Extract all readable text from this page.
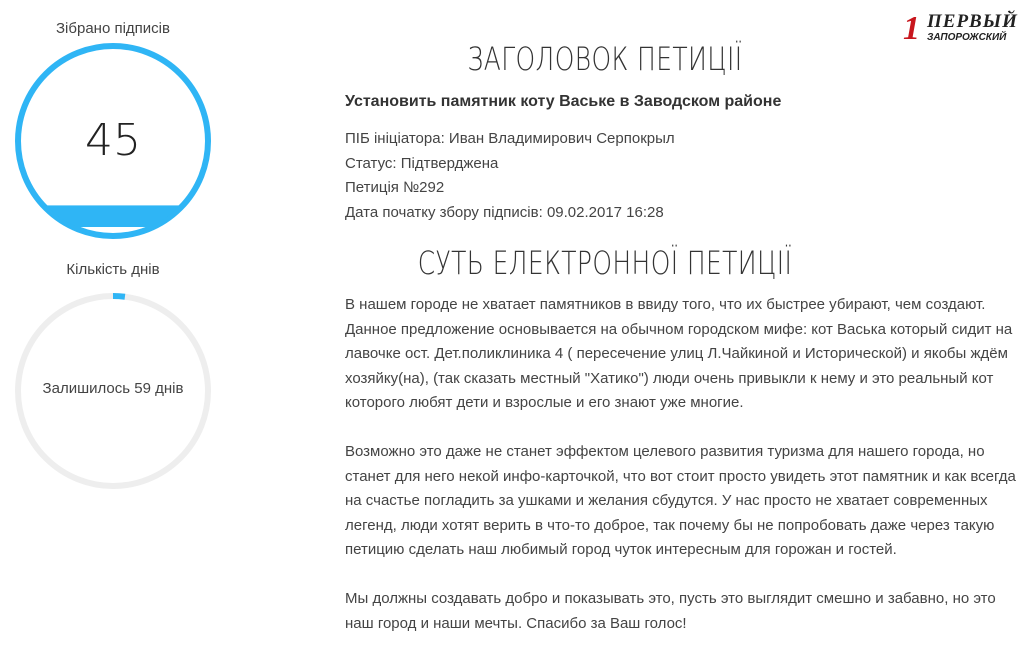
Зібрано підписів
45
Кількість днів
Залишилось 59 днів
1 ПЕРВЫЙ
ЗАПОРОЖСКИЙ
ЗАГОЛОВОК ПЕТИЦІЇ
Установить памятник коту Ваське в Заводском районе
ПІБ ініціатора: Иван Владимирович Серпокрыл
Статус: Підтверджена
Петиція №292
Дата початку збору підписів: 09.02.2017 16:28
СУТЬ ЕЛЕКТРОННОЇ ПЕТИЦІЇ

В нашем городе не хватает памятников в ввиду того, что их быстрее убирают, чем создают. Данное предложение основывается на обычном городском мифе: кот Васька который сидит на лавочке ост. Дет.поликлиника 4 ( пересечение улиц Л.Чайкиной и Исторической) и якобы ждём хозяйку(на), (так сказать местный "Хатико") люди очень привыкли к нему и это реальный кот которого любят дети и взрослые и его знают уже многие.

Возможно это даже не станет эффектом целевого развития туризма для нашего города, но станет для него некой инфо-карточкой, что вот стоит просто увидеть этот памятник и как всегда на счастье погладить за ушками и желания сбудутся. У нас просто не хватает современных легенд, люди хотят верить в что-то доброе, так почему бы не попробовать даже через такую петицию сделать наш любимый город чуток интересным для горожан и гостей.

Мы должны создавать добро и показывать это, пусть это выглядит смешно и забавно, но это наш город и наши мечты. Спасибо за Ваш голос!
